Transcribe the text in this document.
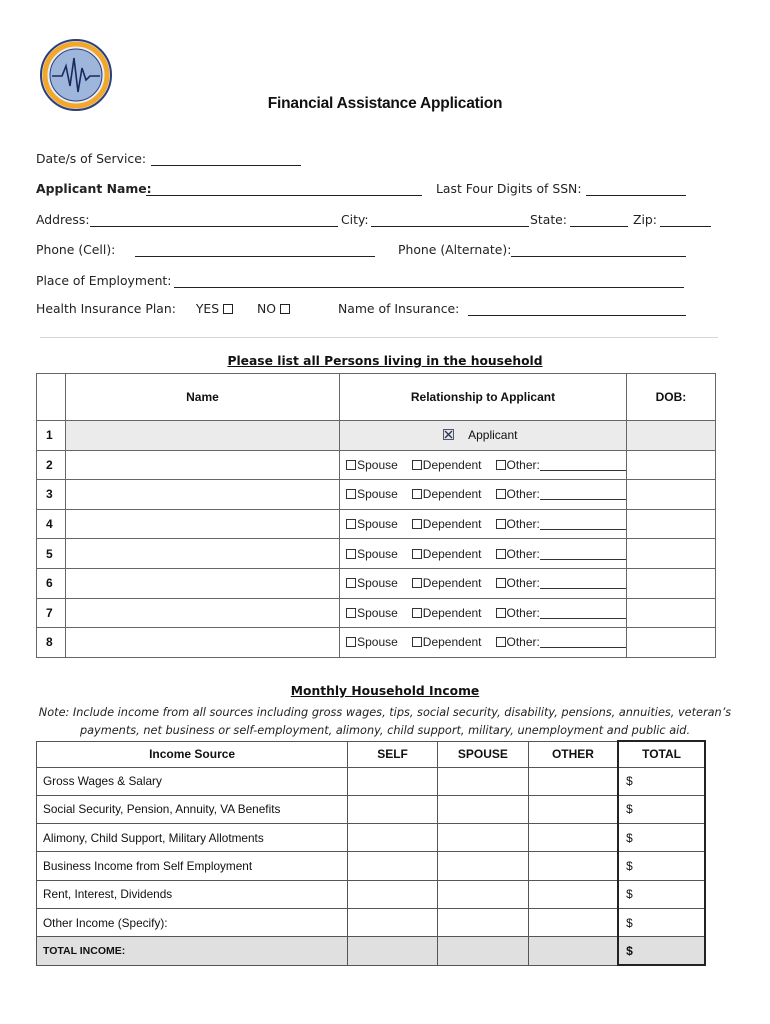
Financial Assistance Application
Date/s of Service:
Applicant Name:	Last Four Digits of SSN:
Address:	City:	State:	Zip:
Phone (Cell):	Phone (Alternate):
Place of Employment:
Health Insurance Plan: YES	NO	Name of Insurance:
Please list all Persons living in the household
	Name	Relationship to Applicant	DOB:
1		Applicant	
2		Spouse Dependent Other:	
3		Spouse Dependent Other:	
4		Spouse Dependent Other:	
5		Spouse Dependent Other:	
6		Spouse Dependent Other:	
7		Spouse Dependent Other:	
8		Spouse Dependent Other:	
Monthly Household Income
Note: Include income from all sources including gross wages, tips, social security, disability, pensions, annuities, veteran’s
payments, net business or self-employment, alimony, child support, military, unemployment and public aid.
Income Source	SELF	SPOUSE	OTHER	TOTAL
Gross Wages & Salary				$
Social Security, Pension, Annuity, VA Benefits				$
Alimony, Child Support, Military Allotments				$
Business Income from Self Employment				$
Rent, Interest, Dividends				$
Other Income (Specify):				$
TOTAL INCOME:				$
